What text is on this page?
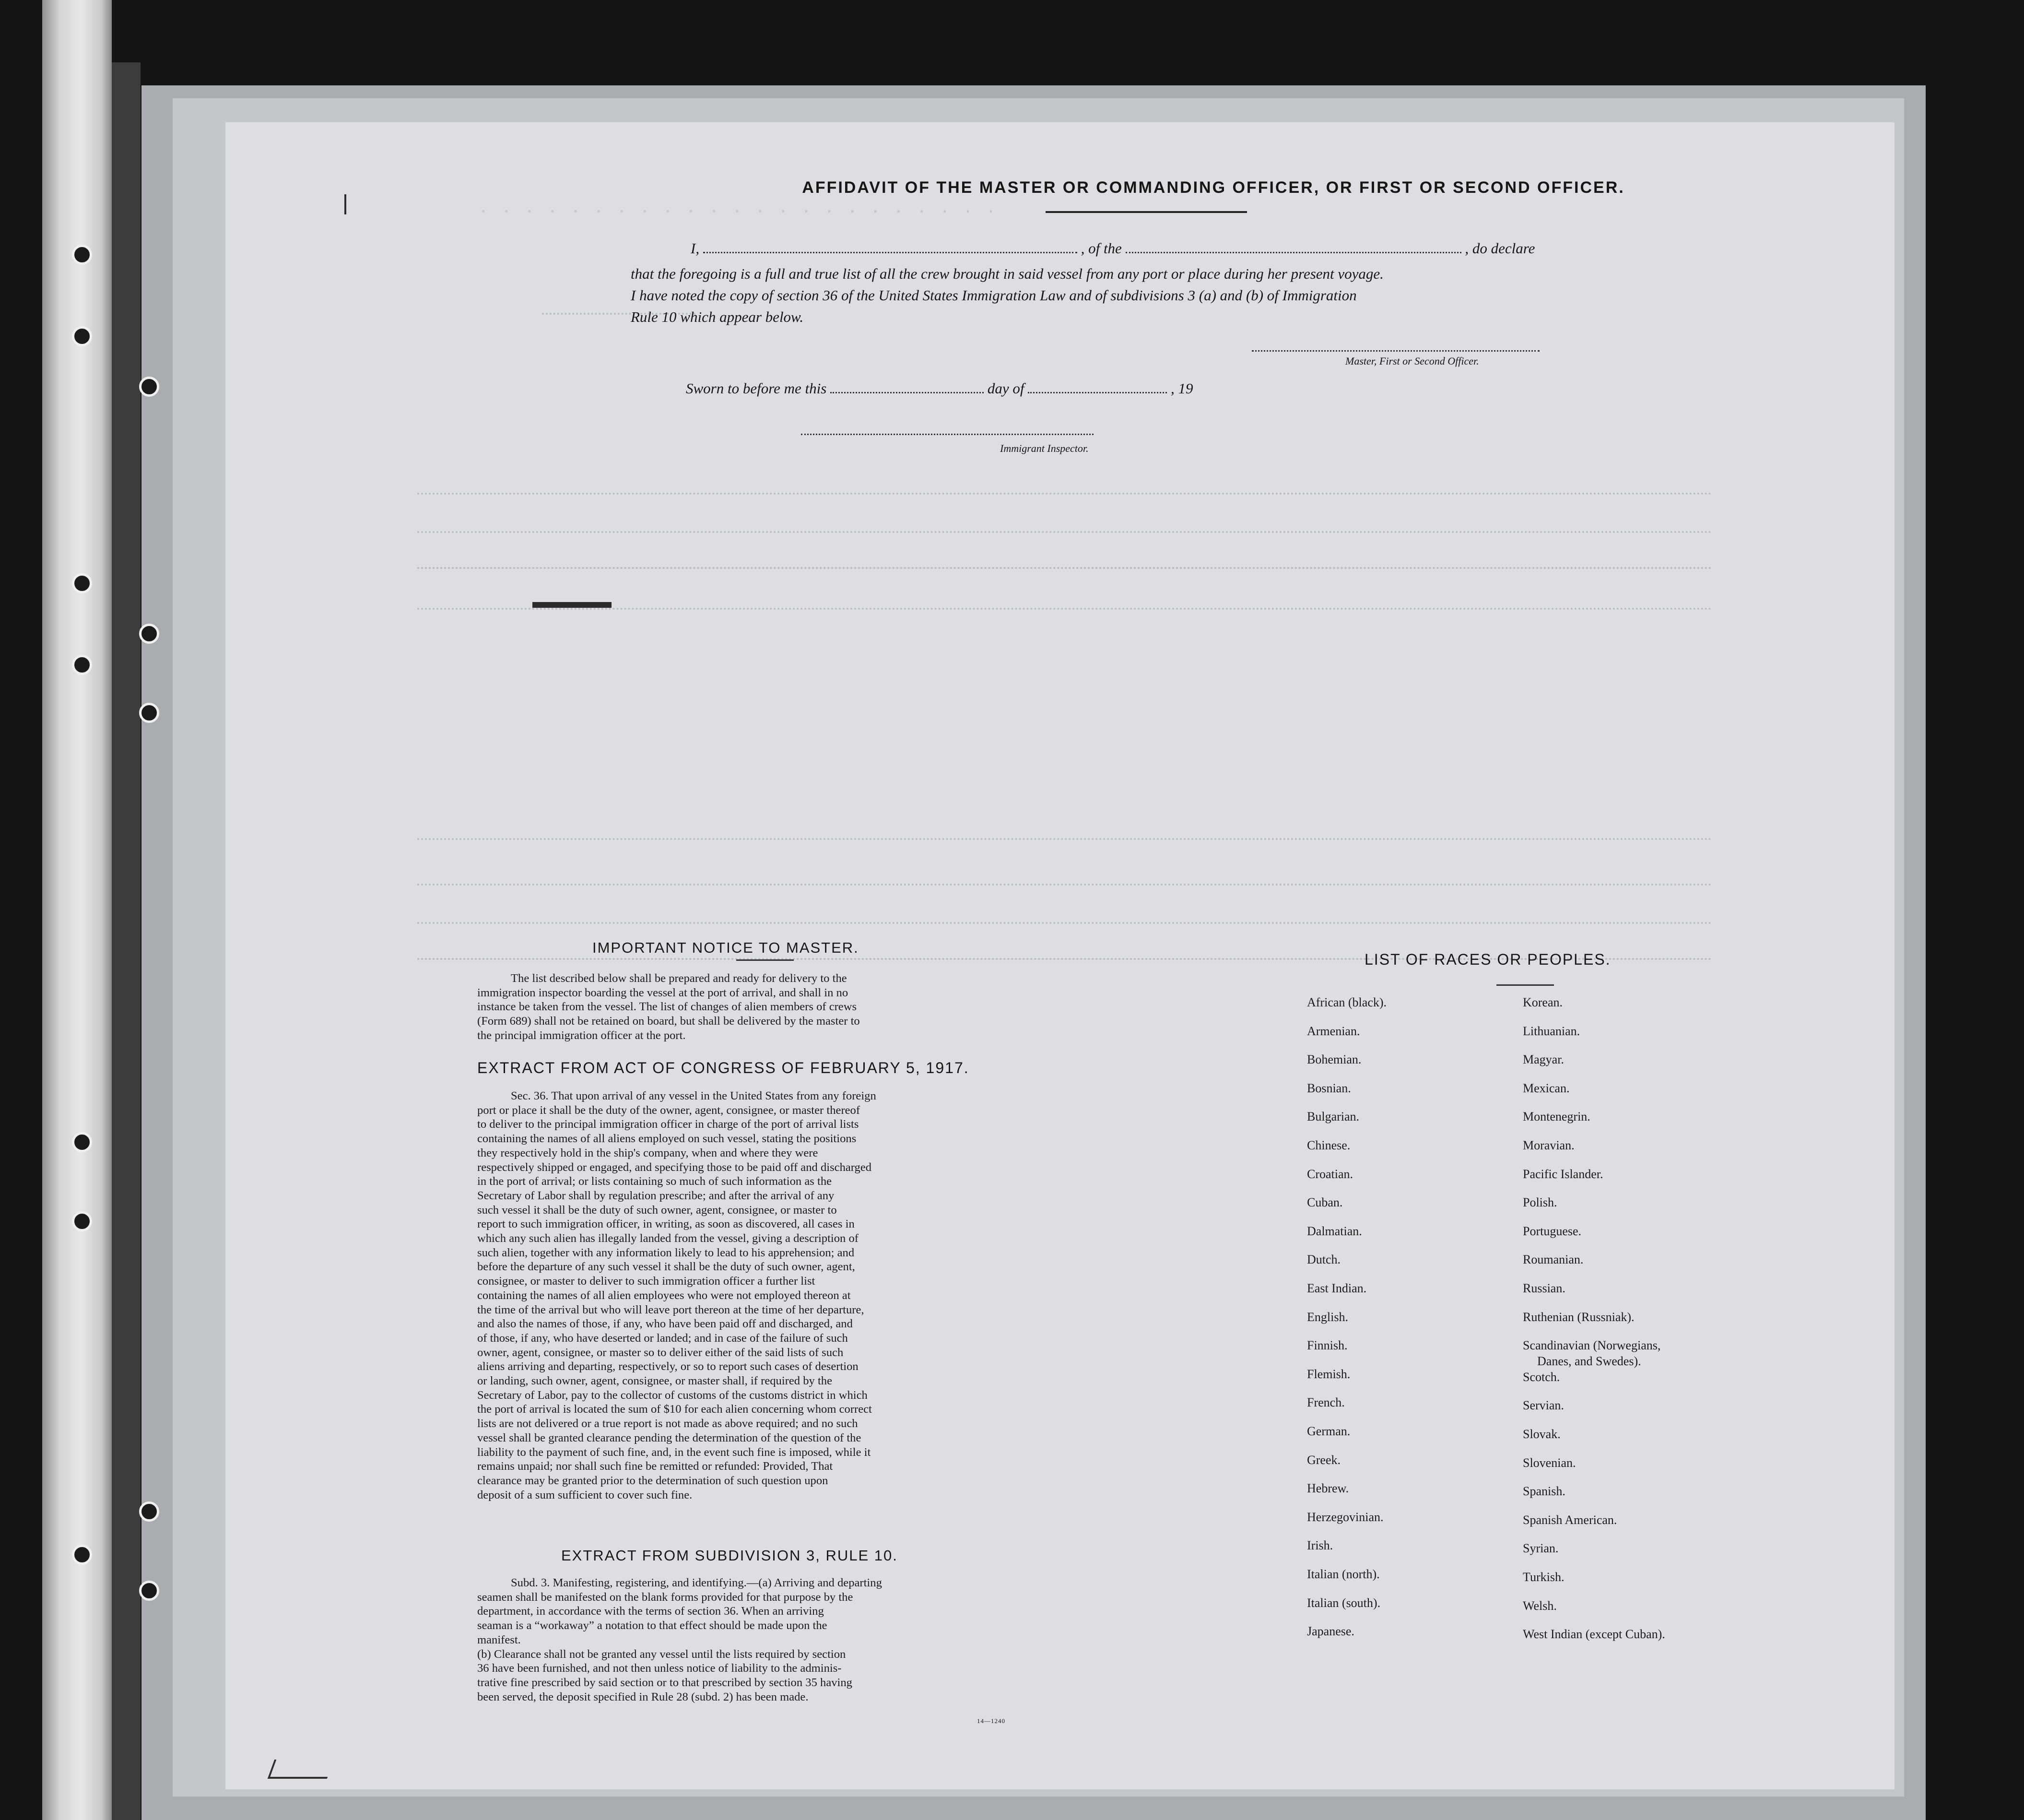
· · · · · · · · · · · · · · · · · · · · · · ·
AFFIDAVIT OF THE MASTER OR COMMANDING OFFICER, OR FIRST OR SECOND OFFICER.
I,	, of the	, do declare
that the foregoing is a full and true list of all the crew brought in said vessel from any port or place during her present voyage.
I have noted the copy of section 36 of the United States Immigration Law and of subdivisions 3 (a) and (b) of Immigration
Rule 10 which appear below.
Master, First or Second Officer.
Sworn to before me this	day of	, 19
Immigrant Inspector.
IMPORTANT NOTICE TO MASTER.
The list described below shall be prepared and ready for delivery to the
immigration inspector boarding the vessel at the port of arrival, and shall in no
instance be taken from the vessel. The list of changes of alien members of crews
(Form 689) shall not be retained on board, but shall be delivered by the master to
the principal immigration officer at the port.
EXTRACT FROM ACT OF CONGRESS OF FEBRUARY 5, 1917.
Sec. 36. That upon arrival of any vessel in the United States from any foreign
port or place it shall be the duty of the owner, agent, consignee, or master thereof
to deliver to the principal immigration officer in charge of the port of arrival lists
containing the names of all aliens employed on such vessel, stating the positions
they respectively hold in the ship's company, when and where they were
respectively shipped or engaged, and specifying those to be paid off and discharged
in the port of arrival; or lists containing so much of such information as the
Secretary of Labor shall by regulation prescribe; and after the arrival of any
such vessel it shall be the duty of such owner, agent, consignee, or master to
report to such immigration officer, in writing, as soon as discovered, all cases in
which any such alien has illegally landed from the vessel, giving a description of
such alien, together with any information likely to lead to his apprehension; and
before the departure of any such vessel it shall be the duty of such owner, agent,
consignee, or master to deliver to such immigration officer a further list
containing the names of all alien employees who were not employed thereon at
the time of the arrival but who will leave port thereon at the time of her departure,
and also the names of those, if any, who have been paid off and discharged, and
of those, if any, who have deserted or landed; and in case of the failure of such
owner, agent, consignee, or master so to deliver either of the said lists of such
aliens arriving and departing, respectively, or so to report such cases of desertion
or landing, such owner, agent, consignee, or master shall, if required by the
Secretary of Labor, pay to the collector of customs of the customs district in which
the port of arrival is located the sum of $10 for each alien concerning whom correct
lists are not delivered or a true report is not made as above required; and no such
vessel shall be granted clearance pending the determination of the question of the
liability to the payment of such fine, and, in the event such fine is imposed, while it
remains unpaid; nor shall such fine be remitted or refunded: Provided, That
clearance may be granted prior to the determination of such question upon
deposit of a sum sufficient to cover such fine.
EXTRACT FROM SUBDIVISION 3, RULE 10.
Subd. 3. Manifesting, registering, and identifying.—(a) Arriving and departing
seamen shall be manifested on the blank forms provided for that purpose by the
department, in accordance with the terms of section 36. When an arriving
seaman is a “workaway” a notation to that effect should be made upon the
manifest.
(b) Clearance shall not be granted any vessel until the lists required by section
36 have been furnished, and not then unless notice of liability to the adminis-
trative fine prescribed by said section or to that prescribed by section 35 having
been served, the deposit specified in Rule 28 (subd. 2) has been made.
14—1240
LIST OF RACES OR PEOPLES.
African (black).
Armenian.
Bohemian.
Bosnian.
Bulgarian.
Chinese.
Croatian.
Cuban.
Dalmatian.
Dutch.
East Indian.
English.
Finnish.
Flemish.
French.
German.
Greek.
Hebrew.
Herzegovinian.
Irish.
Italian (north).
Italian (south).
Japanese.
Korean.
Lithuanian.
Magyar.
Mexican.
Montenegrin.
Moravian.
Pacific Islander.
Polish.
Portuguese.
Roumanian.
Russian.
Ruthenian (Russniak).
Scandinavian (Norwegians,
Danes, and Swedes).
Scotch.
Servian.
Slovak.
Slovenian.
Spanish.
Spanish American.
Syrian.
Turkish.
Welsh.
West Indian (except Cuban).
